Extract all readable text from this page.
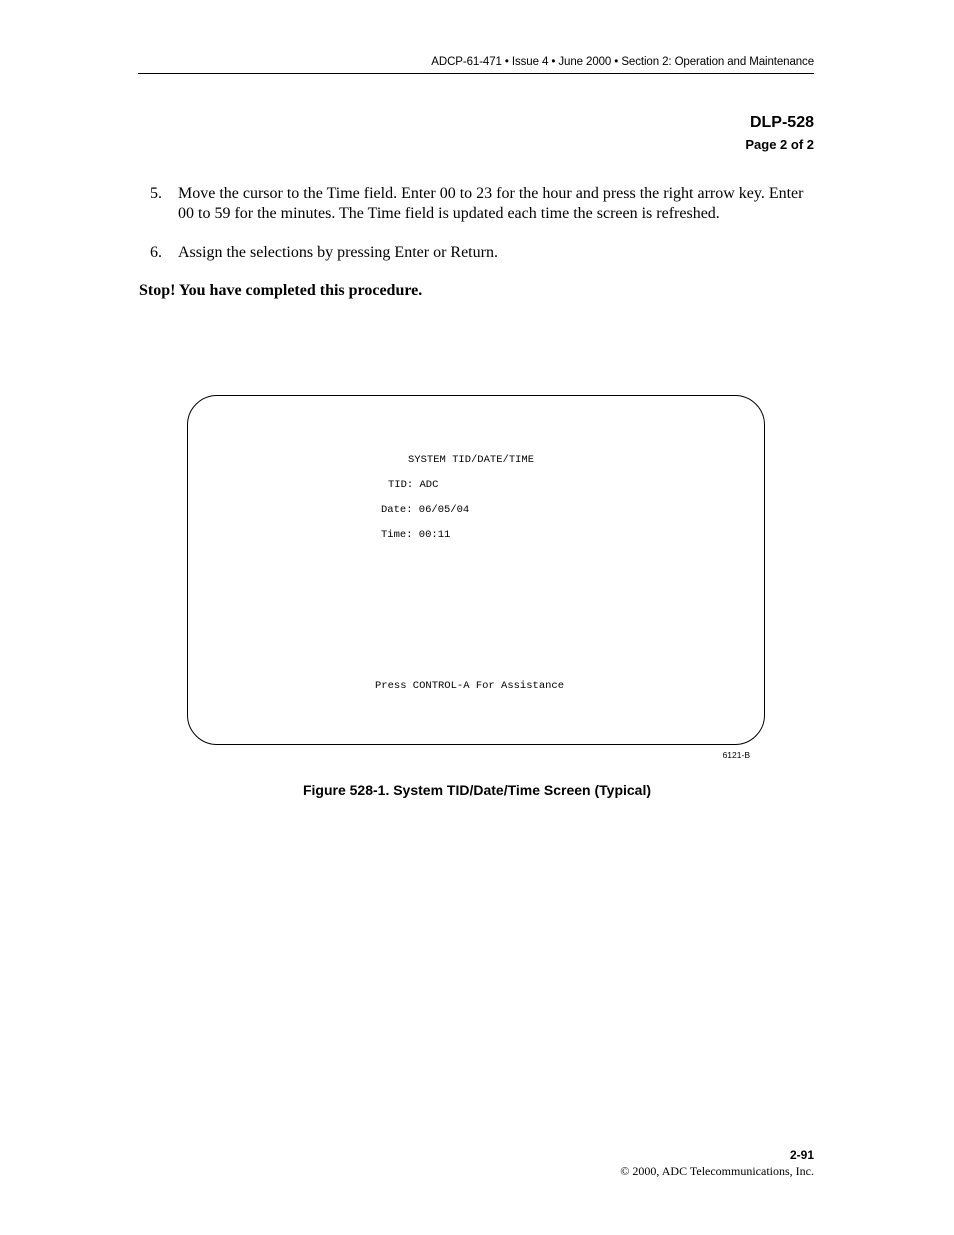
ADCP-61-471 • Issue 4 • June 2000 • Section 2: Operation and Maintenance
DLP-528
Page 2 of 2
5. Move the cursor to the Time field. Enter 00 to 23 for the hour and press the right arrow key. Enter 00 to 59 for the minutes. The Time field is updated each time the screen is refreshed.
6. Assign the selections by pressing Enter or Return.
Stop! You have completed this procedure.
SYSTEM TID/DATE/TIME
TID: ADC
Date: 06/05/04
Time: 00:11
Press CONTROL-A For Assistance
6121-B
Figure 528-1. System TID/Date/Time Screen (Typical)
2-91
© 2000, ADC Telecommunications, Inc.
